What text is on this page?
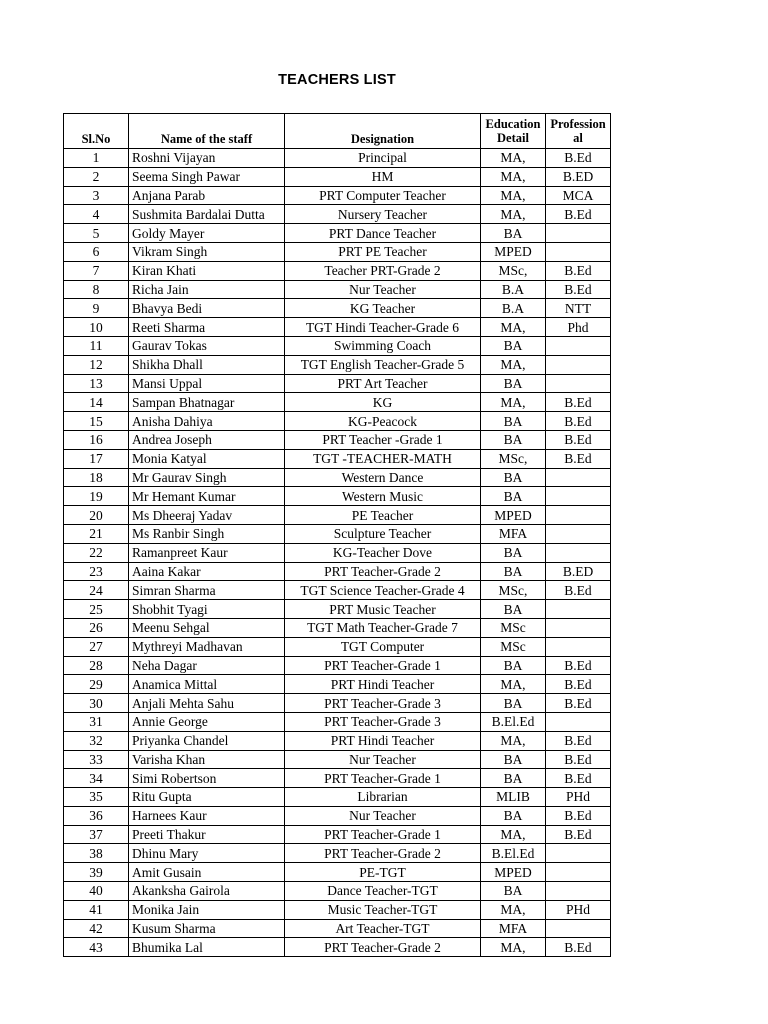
TEACHERS LIST
Sl.No	Name of the staff	Designation	Education Detail	Profession al
1	Roshni Vijayan	Principal	MA,	B.Ed
2	Seema Singh Pawar	HM	MA,	B.ED
3	Anjana Parab	PRT Computer Teacher	MA,	MCA
4	Sushmita Bardalai Dutta	Nursery Teacher	MA,	B.Ed
5	Goldy Mayer	PRT Dance Teacher	BA	
6	Vikram Singh	PRT PE Teacher	MPED	
7	Kiran Khati	Teacher PRT-Grade 2	MSc,	B.Ed
8	Richa Jain	Nur Teacher	B.A	B.Ed
9	Bhavya Bedi	KG Teacher	B.A	NTT
10	Reeti Sharma	TGT Hindi Teacher-Grade 6	MA,	Phd
11	Gaurav Tokas	Swimming Coach	BA	
12	Shikha Dhall	TGT English Teacher-Grade 5	MA,	
13	Mansi Uppal	PRT Art Teacher	BA	
14	Sampan Bhatnagar	KG	MA,	B.Ed
15	Anisha Dahiya	KG-Peacock	BA	B.Ed
16	Andrea Joseph	PRT Teacher -Grade 1	BA	B.Ed
17	Monia Katyal	TGT -TEACHER-MATH	MSc,	B.Ed
18	Mr Gaurav Singh	Western Dance	BA	
19	Mr Hemant Kumar	Western Music	BA	
20	Ms Dheeraj Yadav	PE Teacher	MPED	
21	Ms Ranbir Singh	Sculpture Teacher	MFA	
22	Ramanpreet Kaur	KG-Teacher Dove	BA	
23	Aaina Kakar	PRT Teacher-Grade 2	BA	B.ED
24	Simran Sharma	TGT Science Teacher-Grade 4	MSc,	B.Ed
25	Shobhit Tyagi	PRT Music Teacher	BA	
26	Meenu Sehgal	TGT Math Teacher-Grade 7	MSc	
27	Mythreyi Madhavan	TGT Computer	MSc	
28	Neha Dagar	PRT Teacher-Grade 1	BA	B.Ed
29	Anamica Mittal	PRT Hindi Teacher	MA,	B.Ed
30	Anjali Mehta Sahu	PRT Teacher-Grade 3	BA	B.Ed
31	Annie George	PRT Teacher-Grade 3	B.El.Ed	
32	Priyanka Chandel	PRT Hindi Teacher	MA,	B.Ed
33	Varisha Khan	Nur Teacher	BA	B.Ed
34	Simi Robertson	PRT Teacher-Grade 1	BA	B.Ed
35	Ritu Gupta	Librarian	MLIB	PHd
36	Harnees Kaur	Nur Teacher	BA	B.Ed
37	Preeti Thakur	PRT Teacher-Grade 1	MA,	B.Ed
38	Dhinu Mary	PRT Teacher-Grade 2	B.El.Ed	
39	Amit Gusain	PE-TGT	MPED	
40	Akanksha Gairola	Dance Teacher-TGT	BA	
41	Monika Jain	Music Teacher-TGT	MA,	PHd
42	Kusum Sharma	Art Teacher-TGT	MFA	
43	Bhumika Lal	PRT Teacher-Grade 2	MA,	B.Ed
